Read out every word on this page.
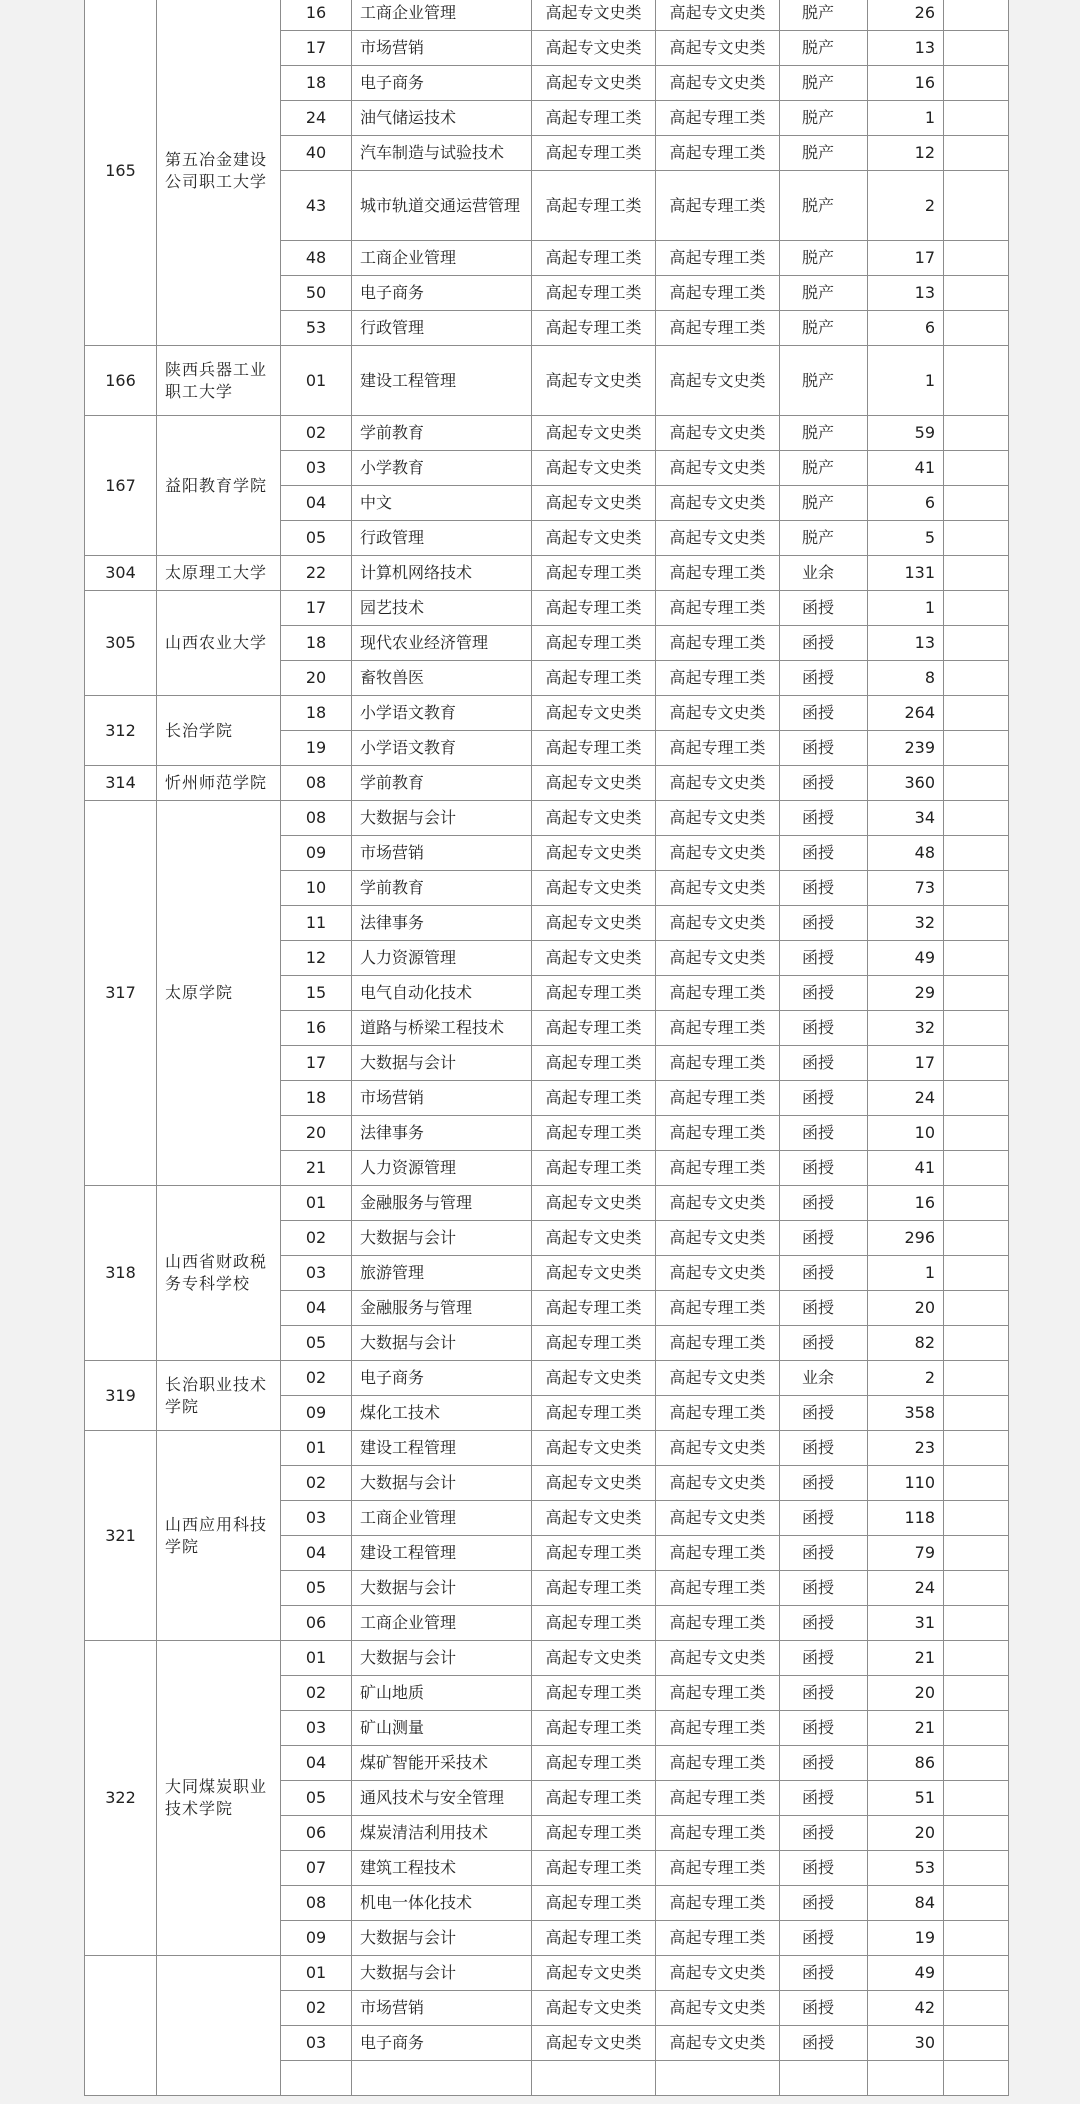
165	第五冶金建设公司职工大学	16	工商企业管理	高起专文史类	高起专文史类	脱产	26	
		17	市场营销	高起专文史类	高起专文史类	脱产	13	
		18	电子商务	高起专文史类	高起专文史类	脱产	16	
		24	油气储运技术	高起专理工类	高起专理工类	脱产	1	
		40	汽车制造与试验技术	高起专理工类	高起专理工类	脱产	12	
		43	城市轨道交通运营管理	高起专理工类	高起专理工类	脱产	2	
		48	工商企业管理	高起专理工类	高起专理工类	脱产	17	
		50	电子商务	高起专理工类	高起专理工类	脱产	13	
		53	行政管理	高起专理工类	高起专理工类	脱产	6	
166	陕西兵器工业职工大学	01	建设工程管理	高起专文史类	高起专文史类	脱产	1	
167	益阳教育学院	02	学前教育	高起专文史类	高起专文史类	脱产	59	
		03	小学教育	高起专文史类	高起专文史类	脱产	41	
		04	中文	高起专文史类	高起专文史类	脱产	6	
		05	行政管理	高起专文史类	高起专文史类	脱产	5	
304	太原理工大学	22	计算机网络技术	高起专理工类	高起专理工类	业余	131	
305	山西农业大学	17	园艺技术	高起专理工类	高起专理工类	函授	1	
		18	现代农业经济管理	高起专理工类	高起专理工类	函授	13	
		20	畜牧兽医	高起专理工类	高起专理工类	函授	8	
312	长治学院	18	小学语文教育	高起专文史类	高起专文史类	函授	264	
		19	小学语文教育	高起专理工类	高起专理工类	函授	239	
314	忻州师范学院	08	学前教育	高起专文史类	高起专文史类	函授	360	
317	太原学院	08	大数据与会计	高起专文史类	高起专文史类	函授	34	
		09	市场营销	高起专文史类	高起专文史类	函授	48	
		10	学前教育	高起专文史类	高起专文史类	函授	73	
		11	法律事务	高起专文史类	高起专文史类	函授	32	
		12	人力资源管理	高起专文史类	高起专文史类	函授	49	
		15	电气自动化技术	高起专理工类	高起专理工类	函授	29	
		16	道路与桥梁工程技术	高起专理工类	高起专理工类	函授	32	
		17	大数据与会计	高起专理工类	高起专理工类	函授	17	
		18	市场营销	高起专理工类	高起专理工类	函授	24	
		20	法律事务	高起专理工类	高起专理工类	函授	10	
		21	人力资源管理	高起专理工类	高起专理工类	函授	41	
318	山西省财政税务专科学校	01	金融服务与管理	高起专文史类	高起专文史类	函授	16	
		02	大数据与会计	高起专文史类	高起专文史类	函授	296	
		03	旅游管理	高起专文史类	高起专文史类	函授	1	
		04	金融服务与管理	高起专理工类	高起专理工类	函授	20	
		05	大数据与会计	高起专理工类	高起专理工类	函授	82	
319	长治职业技术学院	02	电子商务	高起专文史类	高起专文史类	业余	2	
		09	煤化工技术	高起专理工类	高起专理工类	函授	358	
321	山西应用科技学院	01	建设工程管理	高起专文史类	高起专文史类	函授	23	
		02	大数据与会计	高起专文史类	高起专文史类	函授	110	
		03	工商企业管理	高起专文史类	高起专文史类	函授	118	
		04	建设工程管理	高起专理工类	高起专理工类	函授	79	
		05	大数据与会计	高起专理工类	高起专理工类	函授	24	
		06	工商企业管理	高起专理工类	高起专理工类	函授	31	
322	大同煤炭职业技术学院	01	大数据与会计	高起专文史类	高起专文史类	函授	21	
		02	矿山地质	高起专理工类	高起专理工类	函授	20	
		03	矿山测量	高起专理工类	高起专理工类	函授	21	
		04	煤矿智能开采技术	高起专理工类	高起专理工类	函授	86	
		05	通风技术与安全管理	高起专理工类	高起专理工类	函授	51	
		06	煤炭清洁利用技术	高起专理工类	高起专理工类	函授	20	
		07	建筑工程技术	高起专理工类	高起专理工类	函授	53	
		08	机电一体化技术	高起专理工类	高起专理工类	函授	84	
		09	大数据与会计	高起专理工类	高起专理工类	函授	19	
		01	大数据与会计	高起专文史类	高起专文史类	函授	49	
		02	市场营销	高起专文史类	高起专文史类	函授	42	
		03	电子商务	高起专文史类	高起专文史类	函授	30	
